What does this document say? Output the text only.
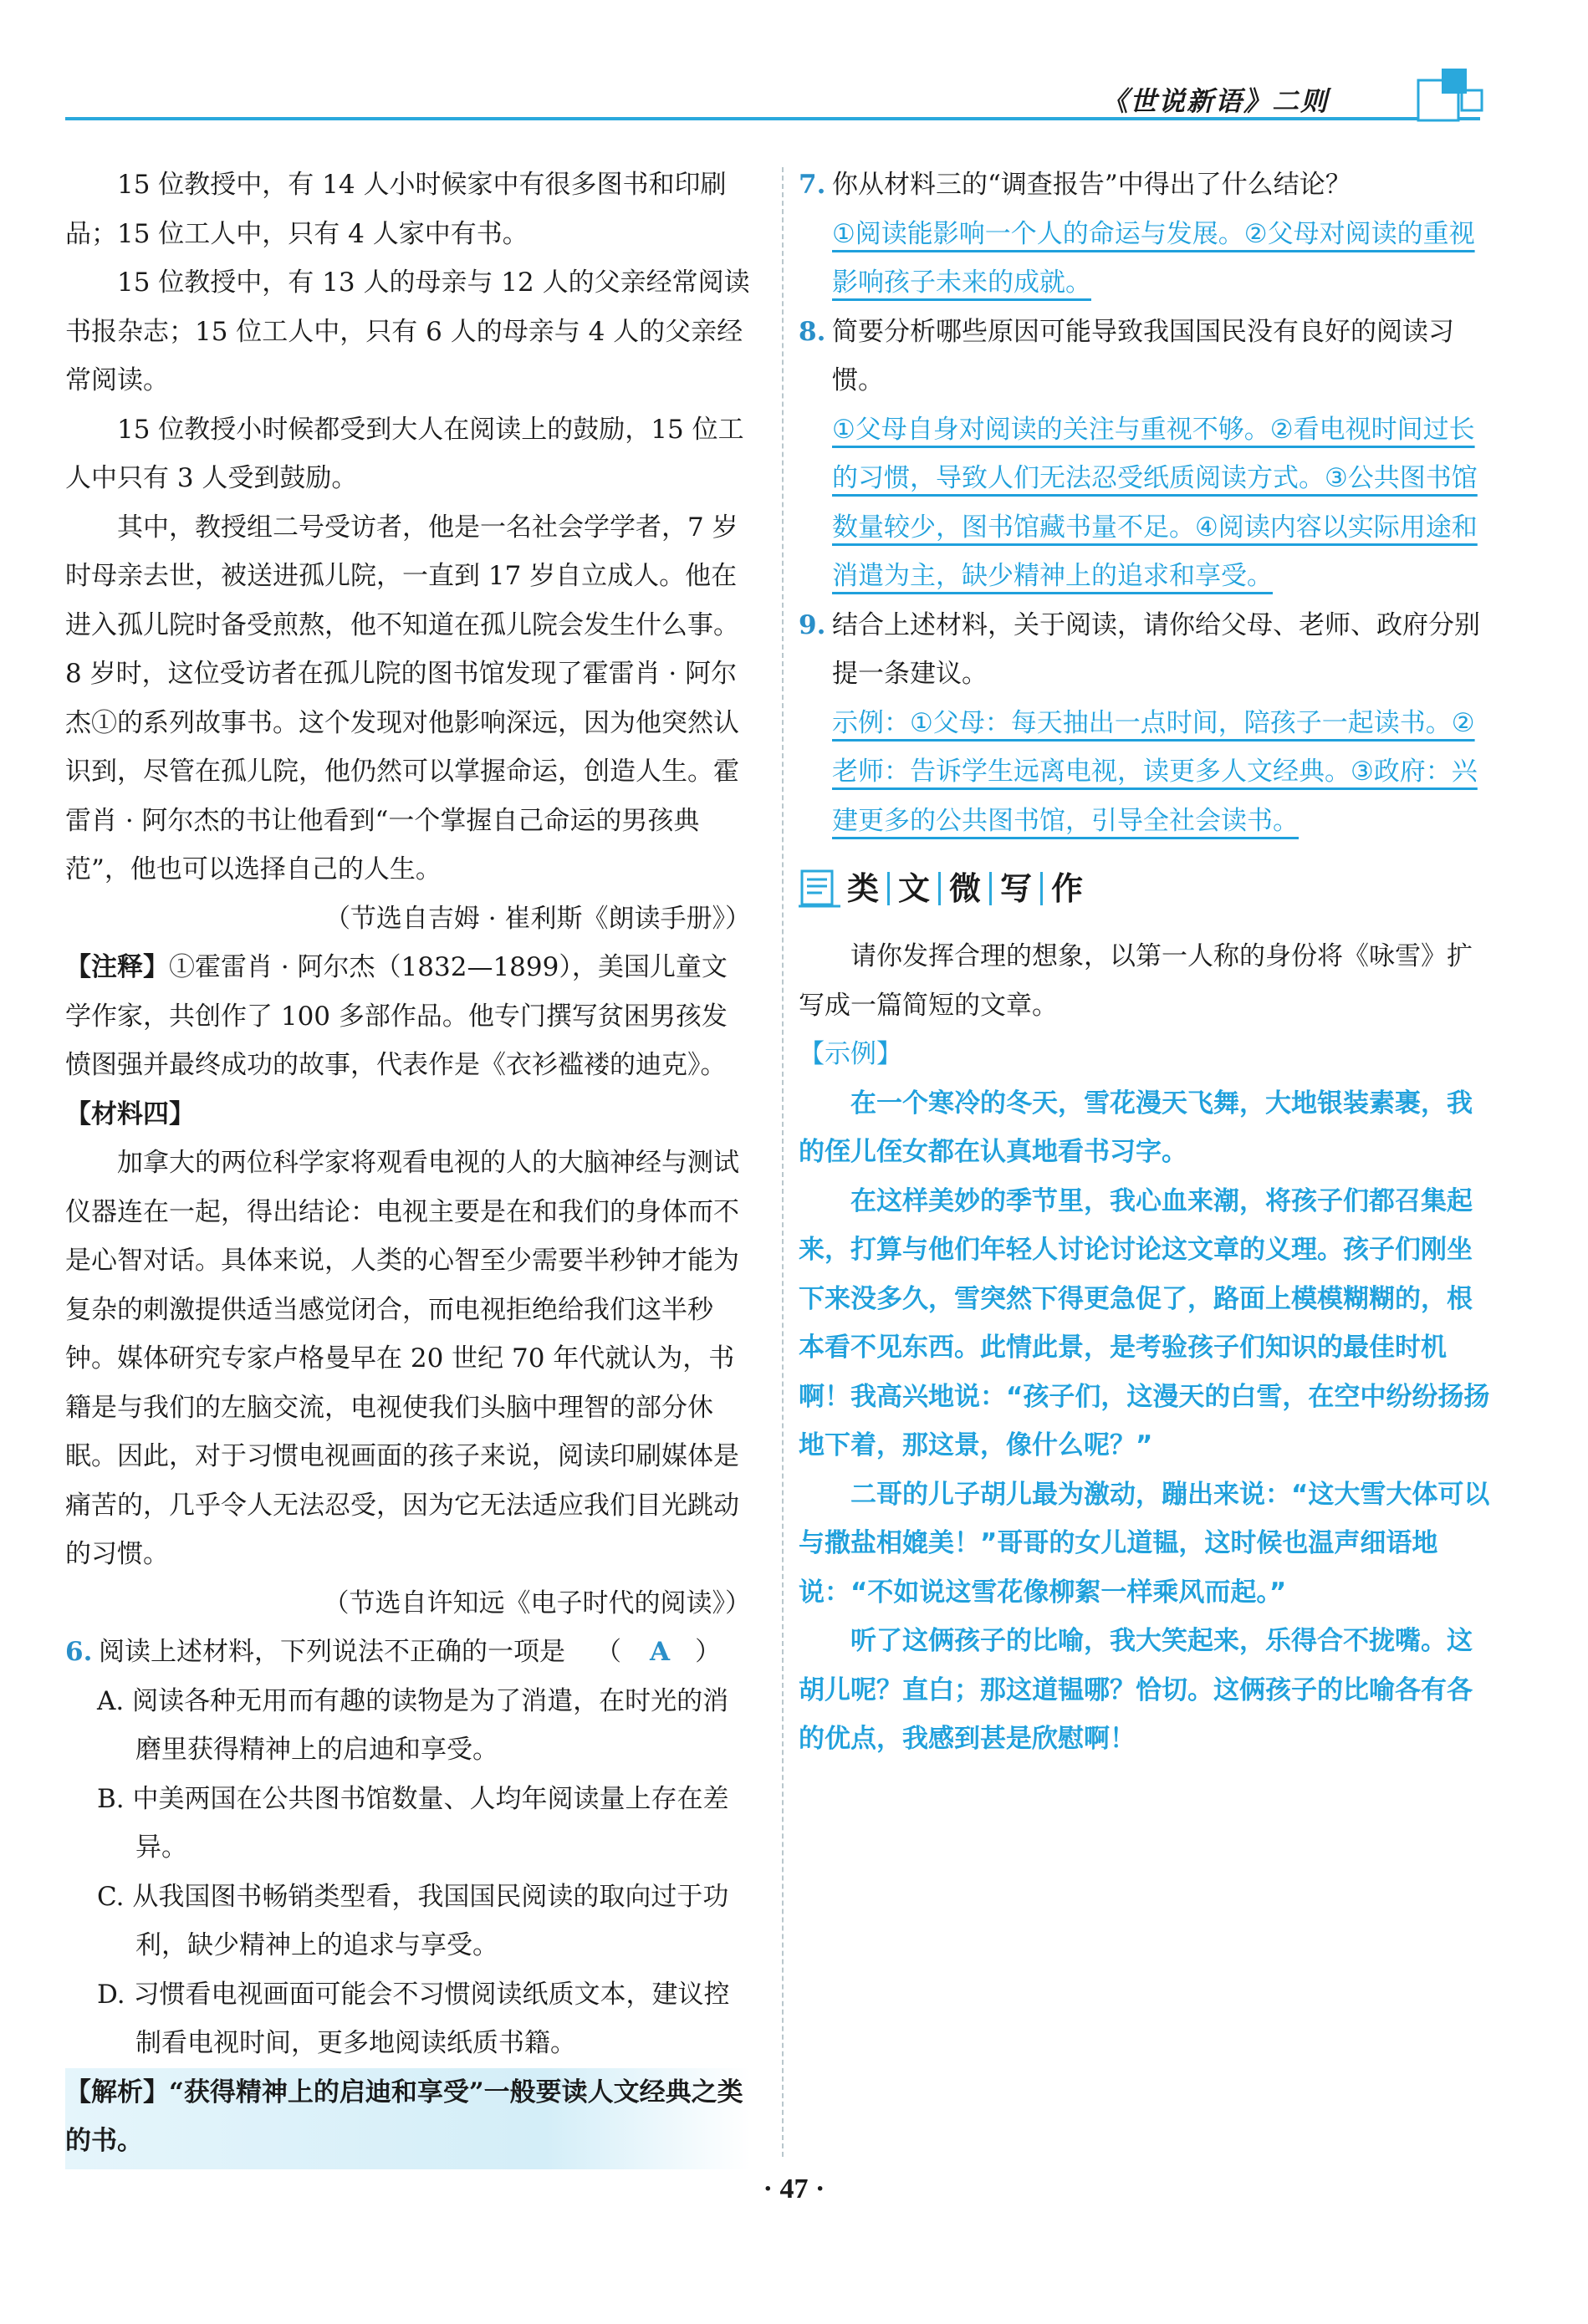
《世说新语》二则

15 位教授中，有 14 人小时候家中有很多图书和印刷品；15 位工人中，只有 4 人家中有书。

15 位教授中，有 13 人的母亲与 12 人的父亲经常阅读书报杂志；15 位工人中，只有 6 人的母亲与 4 人的父亲经常阅读。

15 位教授小时候都受到大人在阅读上的鼓励，15 位工人中只有 3 人受到鼓励。

其中，教授组二号受访者，他是一名社会学学者，7 岁时母亲去世，被送进孤儿院，一直到 17 岁自立成人。他在进入孤儿院时备受煎熬，他不知道在孤儿院会发生什么事。8 岁时，这位受访者在孤儿院的图书馆发现了霍雷肖 · 阿尔杰①的系列故事书。这个发现对他影响深远，因为他突然认识到，尽管在孤儿院，他仍然可以掌握命运，创造人生。霍雷肖 · 阿尔杰的书让他看到“一个掌握自己命运的男孩典范”，他也可以选择自己的人生。

（节选自吉姆 · 崔利斯《朗读手册》）

【注释】①霍雷肖 · 阿尔杰（1832—1899），美国儿童文学作家，共创作了 100 多部作品。他专门撰写贫困男孩发愤图强并最终成功的故事，代表作是《衣衫褴褛的迪克》。

【材料四】

加拿大的两位科学家将观看电视的人的大脑神经与测试仪器连在一起，得出结论：电视主要是在和我们的身体而不是心智对话。具体来说，人类的心智至少需要半秒钟才能为复杂的刺激提供适当感觉闭合，而电视拒绝给我们这半秒钟。媒体研究专家卢格曼早在 20 世纪 70 年代就认为，书籍是与我们的左脑交流，电视使我们头脑中理智的部分休眠。因此，对于习惯电视画面的孩子来说，阅读印刷媒体是痛苦的，几乎令人无法忍受，因为它无法适应我们目光跳动的习惯。

（节选自许知远《电子时代的阅读》）

6. 阅读上述材料，下列说法不正确的一项是 （ A ）

A. 阅读各种无用而有趣的读物是为了消遣，在时光的消磨里获得精神上的启迪和享受。

B. 中美两国在公共图书馆数量、人均年阅读量上存在差异。

C. 从我国图书畅销类型看，我国国民阅读的取向过于功利，缺少精神上的追求与享受。

D. 习惯看电视画面可能会不习惯阅读纸质文本，建议控制看电视时间，更多地阅读纸质书籍。

【解析】“获得精神上的启迪和享受”一般要读人文经典之类的书。

7. 你从材料三的“调查报告”中得出了什么结论？

①阅读能影响一个人的命运与发展。②父母对阅读的重视影响孩子未来的成就。

8. 简要分析哪些原因可能导致我国国民没有良好的阅读习惯。

①父母自身对阅读的关注与重视不够。②看电视时间过长的习惯，导致人们无法忍受纸质阅读方式。③公共图书馆数量较少，图书馆藏书量不足。④阅读内容以实际用途和消遣为主，缺少精神上的追求和享受。

9. 结合上述材料，关于阅读，请你给父母、老师、政府分别提一条建议。

示例：①父母：每天抽出一点时间，陪孩子一起读书。②老师：告诉学生远离电视，读更多人文经典。③政府：兴建更多的公共图书馆，引导全社会读书。

类 文 微 写 作

请你发挥合理的想象，以第一人称的身份将《咏雪》扩写成一篇简短的文章。

【示例】

在一个寒冷的冬天，雪花漫天飞舞，大地银装素裹，我的侄儿侄女都在认真地看书习字。

在这样美妙的季节里，我心血来潮，将孩子们都召集起来，打算与他们年轻人讨论讨论这文章的义理。孩子们刚坐下来没多久，雪突然下得更急促了，路面上模模糊糊的，根本看不见东西。此情此景，是考验孩子们知识的最佳时机啊！我高兴地说：“孩子们，这漫天的白雪，在空中纷纷扬扬地下着，那这景，像什么呢？”

二哥的儿子胡儿最为激动，蹦出来说：“这大雪大体可以与撒盐相媲美！”哥哥的女儿道韫，这时候也温声细语地说：“不如说这雪花像柳絮一样乘风而起。”

听了这俩孩子的比喻，我大笑起来，乐得合不拢嘴。这胡儿呢？直白；那这道韫哪？恰切。这俩孩子的比喻各有各的优点，我感到甚是欣慰啊！

· 47 ·
